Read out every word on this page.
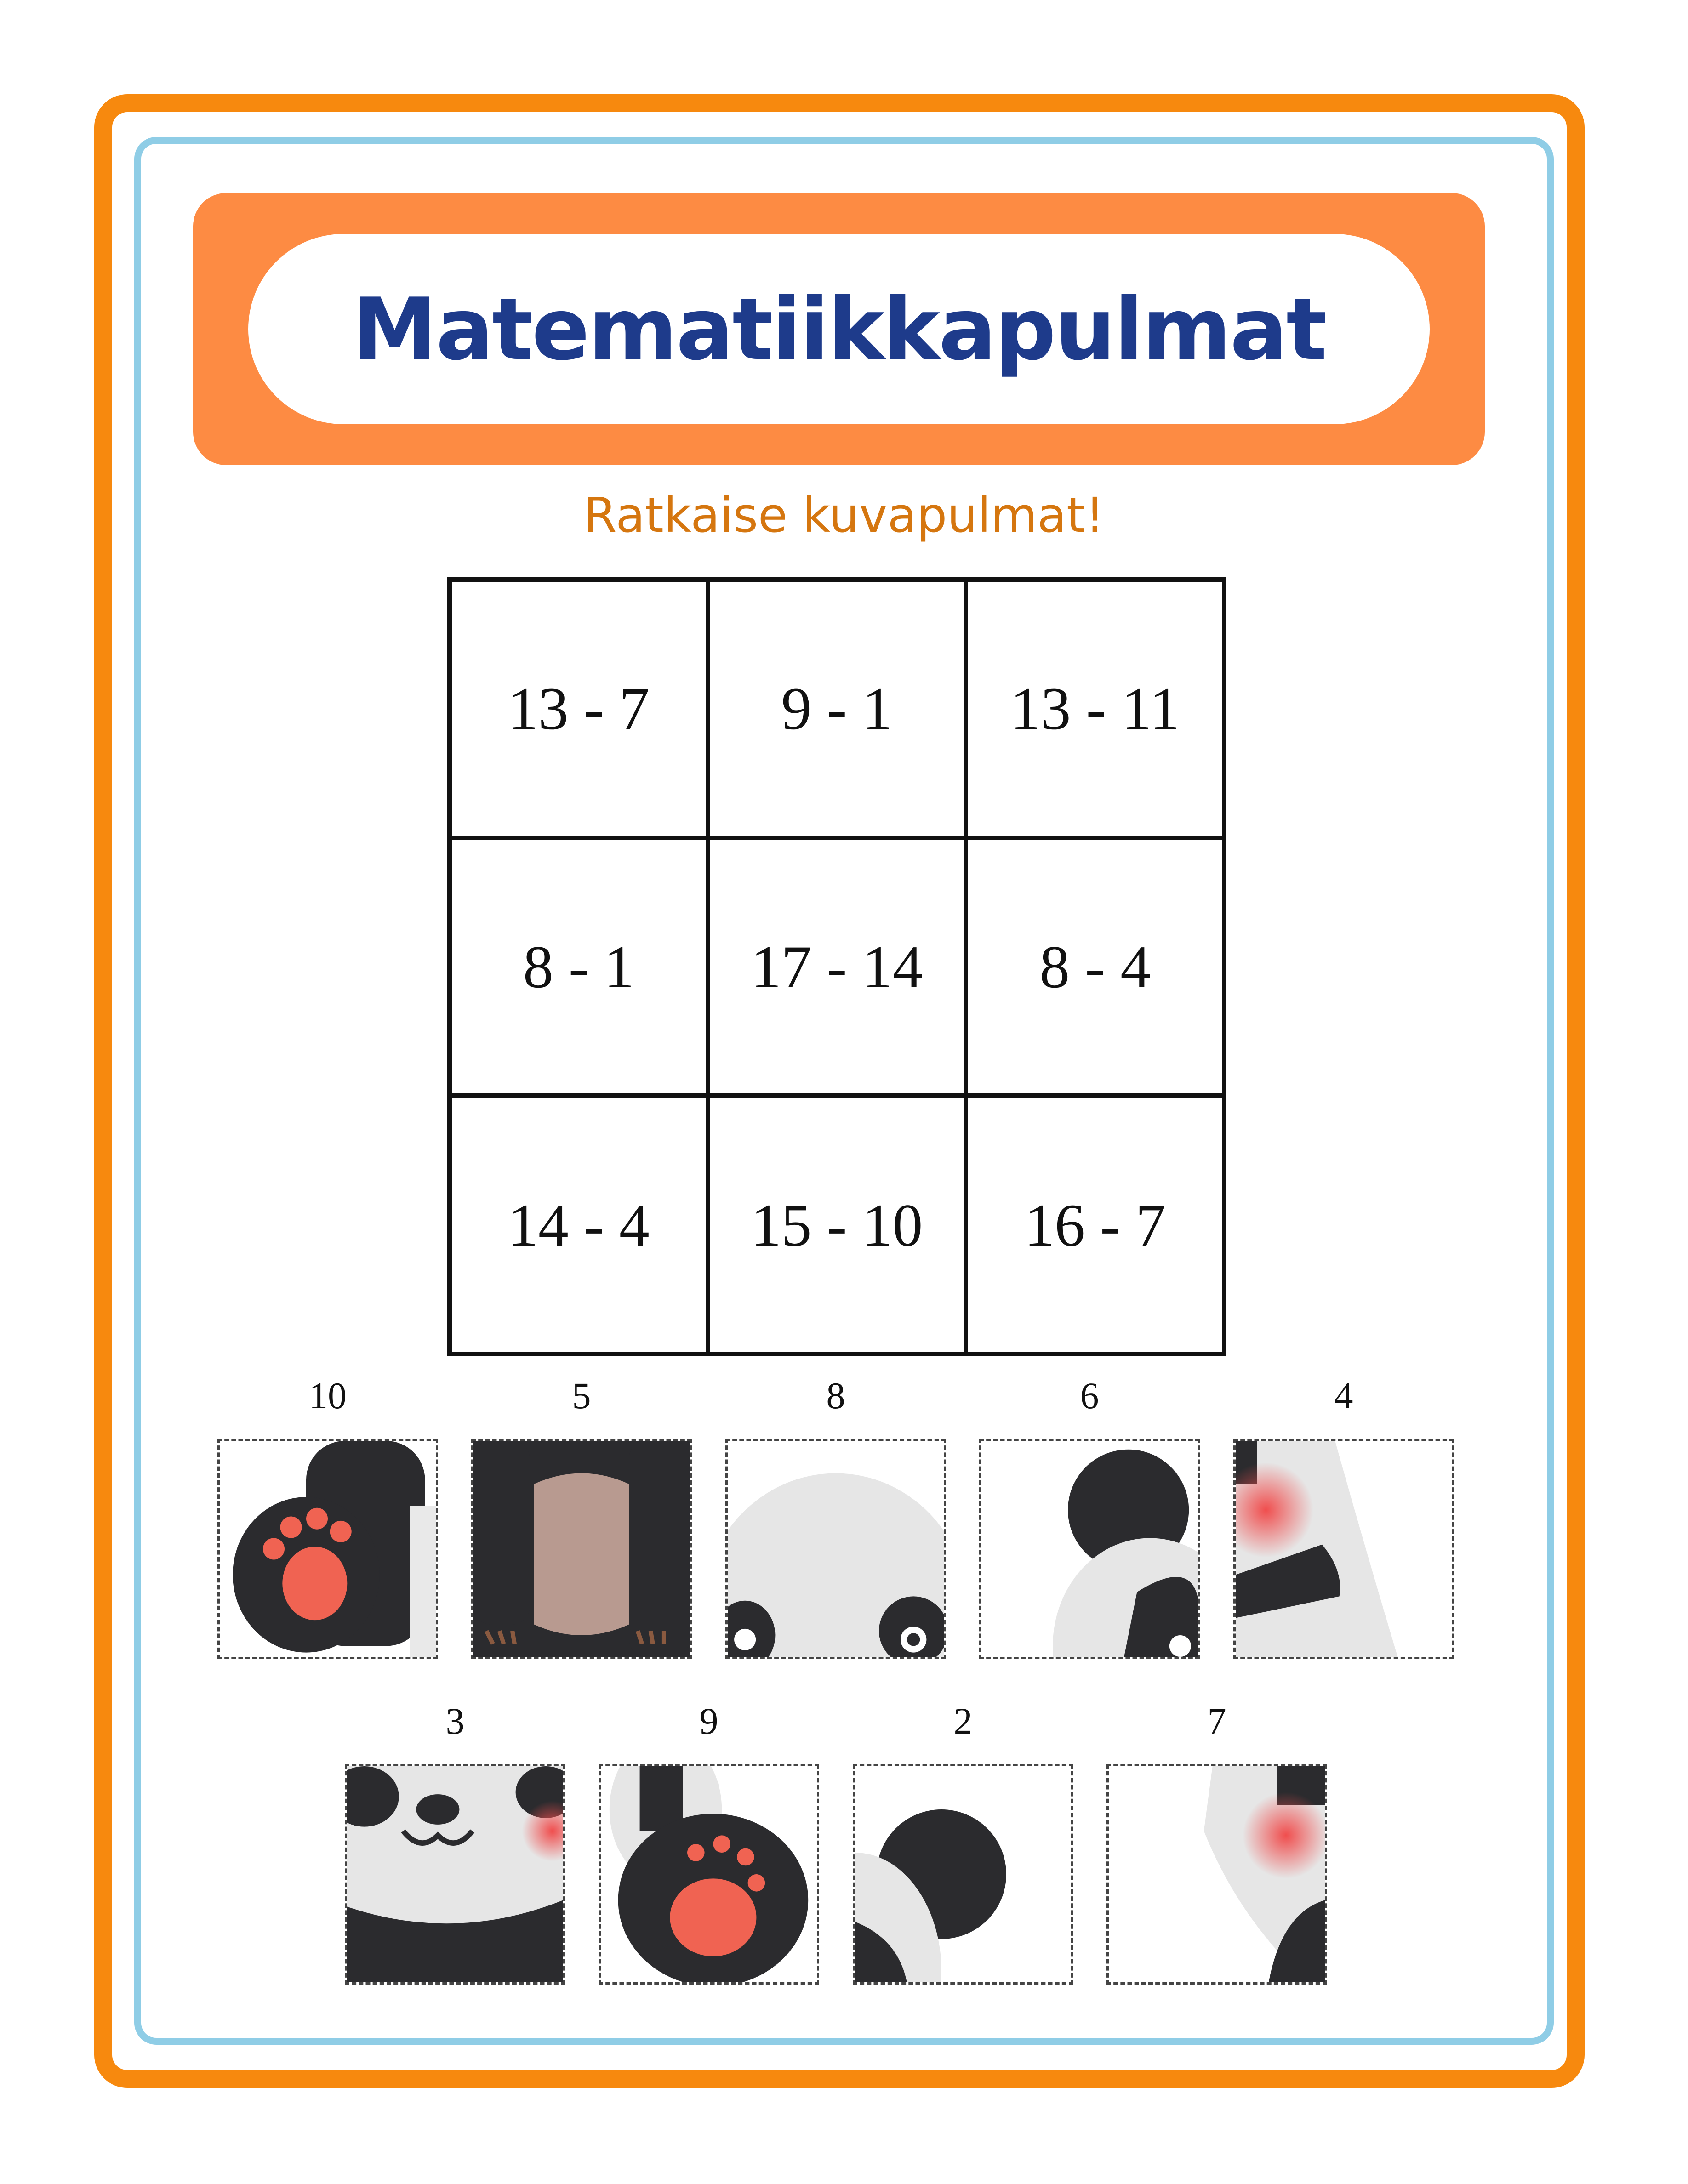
Matematiikkapulmat
Ratkaise kuvapulmat!
13 - 7	9 - 1	13 - 11
8 - 1	17 - 14	8 - 4
14 - 4	15 - 10	16 - 7
10	5	8	6	4
3	9	2	7
